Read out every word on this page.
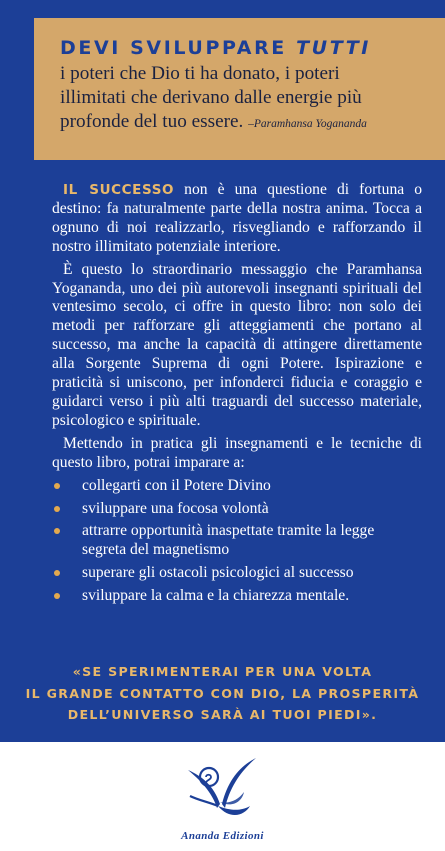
DEVI SVILUPPARE TUTTI
i poteri che Dio ti ha donato, i poteri
illimitati che derivano dalle energie più
profonde del tuo essere. –Paramhansa Yogananda

IL SUCCESSO non è una questione di fortuna o destino: fa naturalmente parte della nostra anima. Tocca a ognuno di noi realizzarlo, risvegliando e rafforzando il nostro illimitato potenziale interiore.

È questo lo straordinario messaggio che Paramhansa Yogananda, uno dei più autorevoli insegnanti spirituali del ventesimo secolo, ci offre in questo libro: non solo dei metodi per rafforzare gli atteggiamenti che portano al successo, ma anche la capacità di attingere direttamente alla Sorgente Suprema di ogni Potere. Ispirazione e praticità si uniscono, per infonderci fiducia e coraggio e guidarci verso i più alti traguardi del successo materiale, psicologico e spirituale.

Mettendo in pratica gli insegnamenti e le tecniche di questo libro, potrai imparare a:

collegarti con il Potere Divino
sviluppare una focosa volontà
attrarre opportunità inaspettate tramite la legge segreta del magnetismo
superare gli ostacoli psicologici al successo
sviluppare la calma e la chiarezza mentale.
«SE SPERIMENTERAI PER UNA VOLTA
IL GRANDE CONTATTO CON DIO, LA PROSPERITÀ
DELL’UNIVERSO SARÀ AI TUOI PIEDI».
Ananda Edizioni
